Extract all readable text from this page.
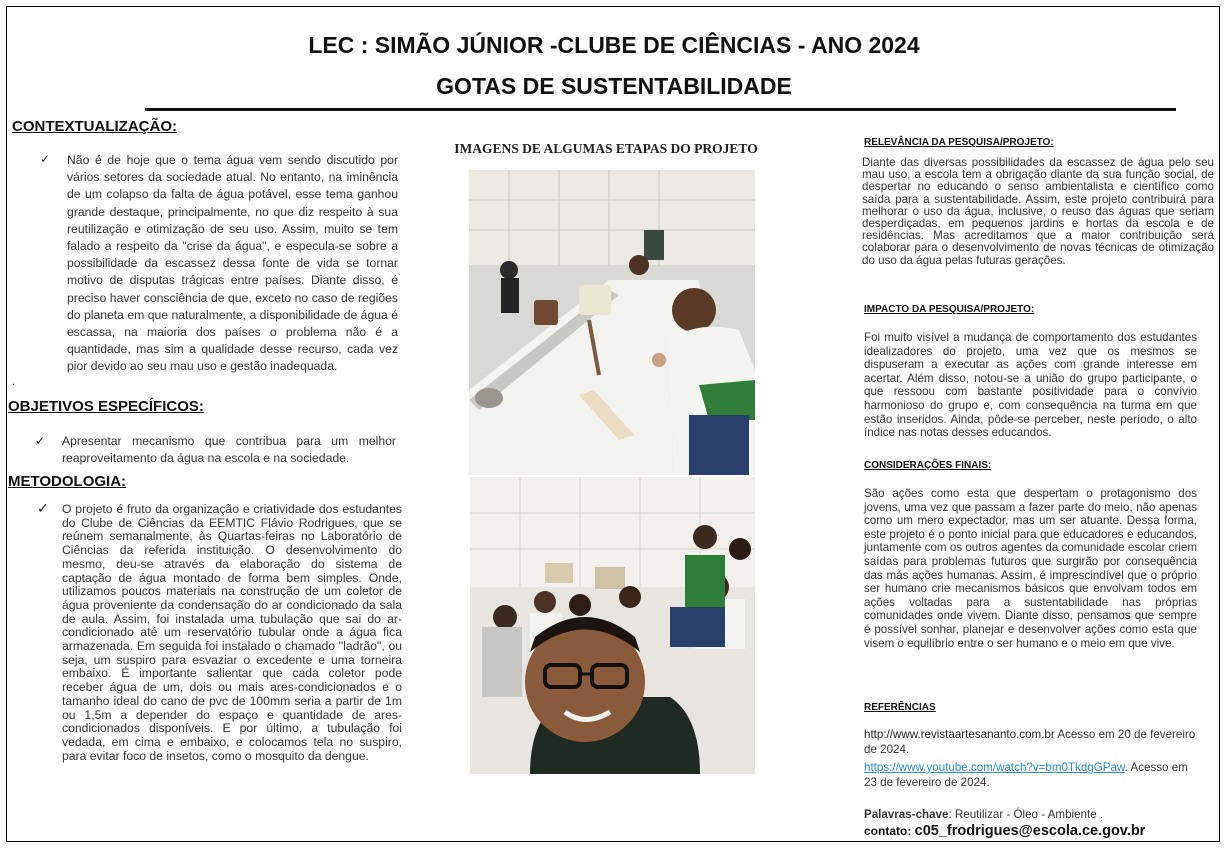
LEC : SIMÃO JÚNIOR -CLUBE DE CIÊNCIAS - ANO 2024
GOTAS DE SUSTENTABILIDADE
CONTEXTUALIZAÇÃO:
✓ Não é de hoje que o tema água vem sendo discutido por vários setores da sociedade atual. No entanto, na iminência de um colapso da falta de água potável, esse tema ganhou grande destaque, principalmente, no que diz respeito à sua reutilização e otimização de seu uso. Assim, muito se tem falado a respeito da "crise da água", e especula-se sobre a possibilidade da escassez dessa fonte de vida se tornar motivo de disputas trágicas entre países. Diante disso, é preciso haver consciência de que, exceto no caso de regiões do planeta em que naturalmente, a disponibilidade de água é escassa, na maioria dos países o problema não é a quantidade, mas sim a qualidade desse recurso, cada vez pior devido ao seu mau uso e gestão inadequada.
.
OBJETIVOS ESPECÍFICOS:
✓ Apresentar mecanismo que contribua para um melhor reaproveitamento da água na escola e na sociedade.
METODOLOGIA:
✓ O projeto é fruto da organização e criatividade dos estudantes do Clube de Ciências da EEMTIC Flávio Rodrigues, que se reúnem semanalmente, às Quartas-feiras no Laboratório de Ciências da referida instituição. O desenvolvimento do mesmo, deu-se através da elaboração do sistema de captação de água montado de forma bem simples. Onde, utilizamos poucos materiais na construção de um coletor de água proveniente da condensação do ar condicionado da sala de aula. Assim, foi instalada uma tubulação que sai do ar-condicionado até um reservatório tubular onde a água fica armazenada. Em seguida foi instalado o chamado "ladrão", ou seja, um suspiro para esvaziar o excedente e uma torneira embaixo. É importante salientar que cada coletor pode receber água de um, dois ou mais ares-condicionados e o tamanho ideal do cano de pvc de 100mm seria a partir de 1m ou 1,5m a depender do espaço e quantidade de ares-condicionados disponíveis. E por último, a tubulação foi vedada, em cima e embaixo, e colocamos tela no suspiro, para evitar foco de insetos, como o mosquito da dengue.
IMAGENS DE ALGUMAS ETAPAS DO PROJETO	RELEVÂNCIA DA PESQUISA/PROJETO:
Diante das diversas possibilidades da escassez de água pelo seu mau uso, a escola tem a obrigação diante da sua função social, de despertar no educando o senso ambientalista e científico como saída para a sustentabilidade. Assim, este projeto contribuirá para melhorar o uso da água, inclusive, o reuso das águas que seriam desperdiçadas, em pequenos jardins e hortas da escola e de residências. Mas acreditamos que a maior contribuição será colaborar para o desenvolvimento de novas técnicas de otimização do uso da água pelas futuras gerações.
IMPACTO DA PESQUISA/PROJETO:
Foi muito visível a mudança de comportamento dos estudantes idealizadores do projeto, uma vez que os mesmos se dispuseram a executar as ações com grande interesse em acertar. Além disso, notou-se a união do grupo participante, o que ressoou com bastante positividade para o convívio harmonioso do grupo e, com consequência na turma em que estão inseridos. Ainda, pôde-se perceber, neste período, o alto índice nas notas desses educandos.
CONSIDERAÇÕES FINAIS:
São ações como esta que despertam o protagonismo dos jovens, uma vez que passam a fazer parte do meio, não apenas como um mero expectador, mas um ser atuante. Dessa forma, este projeto é o ponto inicial para que educadores e educandos, juntamente com os outros agentes da comunidade escolar criem saídas para problemas futuros que surgirão por consequência das más ações humanas. Assim, é imprescindível que o próprio ser humano crie mecanismos básicos que envolvam todos em ações voltadas para a sustentabilidade nas próprias comunidades onde vivem. Diante disso, pensamos que sempre é possível sonhar, planejar e desenvolver ações como esta que visem o equilíbrio entre o ser humano e o meio em que vive.
REFERÊNCIAS
http://www.revistaartesananto.com.br Acesso em 20 de fevereiro de 2024.
https://www.youtube.com/watch?v=bm0TkdgGPaw. Acesso em 23 de fevereiro de 2024.
Palavras-chave: Reutilizar - Óleo - Ambiente .
contato: c05_frodrigues@escola.ce.gov.br
